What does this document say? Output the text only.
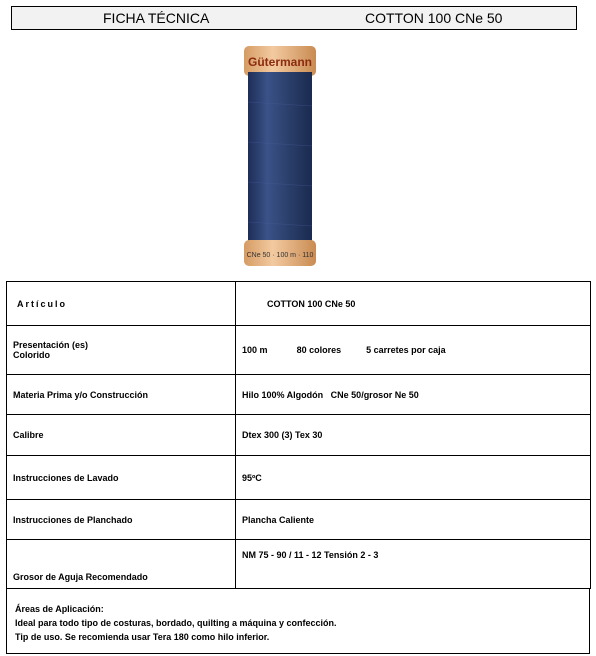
FICHA TÉCNICA	COTTON 100 CNe 50
Gütermann
CNe 50 · 100 m · 110
Artículo	COTTON 100 CNe 50

Presentación (es)
Colorido	100 m 80 colores 5 carretes por caja
Materia Prima y/o Construcción	Hilo 100% Algodón   CNe 50/grosor Ne 50
Calibre	Dtex 300 (3) Tex 30
Instrucciones de Lavado	95ºC
Instrucciones de Planchado	Plancha Caliente
Grosor de Aguja Recomendado	NM 75 - 90 / 11 - 12 Tensión 2 - 3
Áreas de Aplicación:
Ideal para todo tipo de costuras, bordado, quilting a máquina y confección.
Tip de uso. Se recomienda usar Tera 180 como hilo inferior.
